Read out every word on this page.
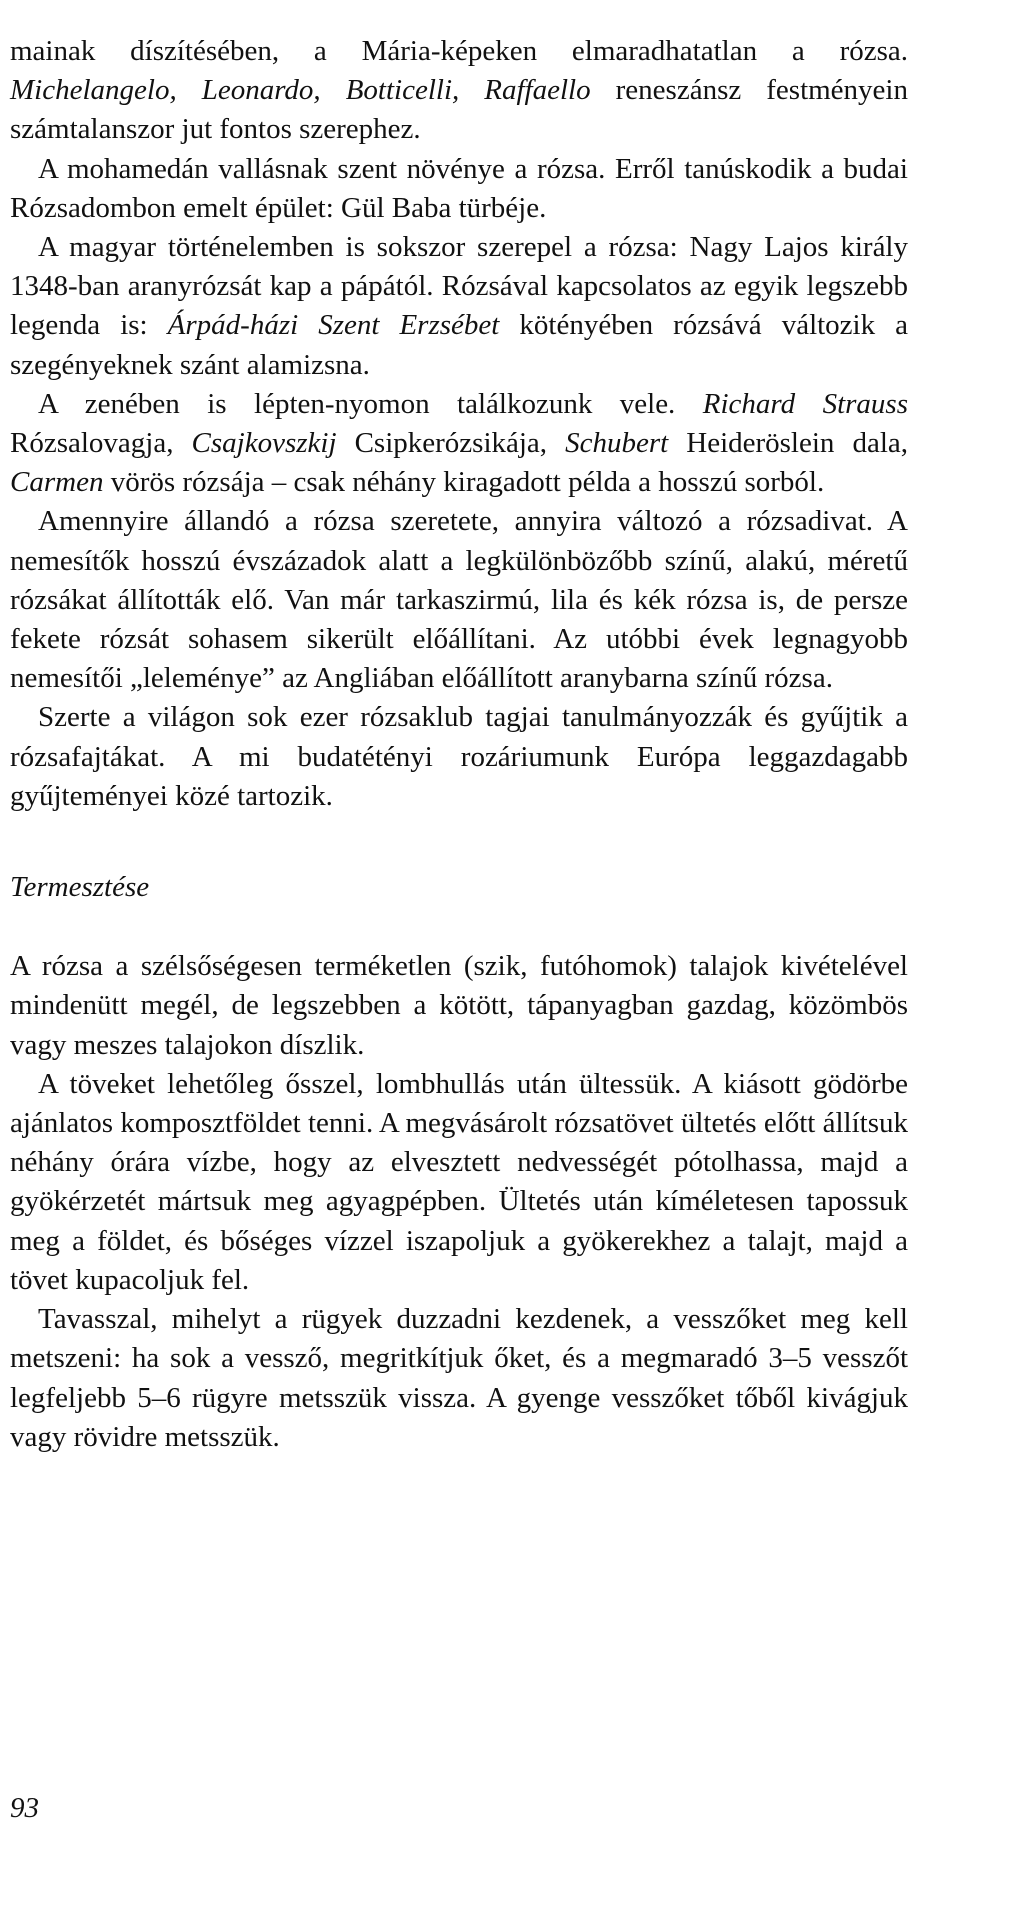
mainak díszítésében, a Mária-képeken elmaradhatatlan a rózsa. Michelangelo, Leonardo, Botticelli, Raffaello reneszánsz festményein számtalanszor jut fontos szerephez.

A mohamedán vallásnak szent növénye a rózsa. Erről tanúskodik a budai Rózsadombon emelt épület: Gül Baba türbéje.

A magyar történelemben is sokszor szerepel a rózsa: Nagy Lajos király 1348-ban aranyrózsát kap a pápától. Rózsával kapcsolatos az egyik legszebb legenda is: Árpád-házi Szent Erzsébet kötényében rózsává változik a szegényeknek szánt alamizsna.

A zenében is lépten-nyomon találkozunk vele. Richard Strauss Rózsalovagja, Csajkovszkij Csipkerózsikája, Schubert Heideröslein dala, Carmen vörös rózsája – csak néhány kiragadott példa a hosszú sorból.

Amennyire állandó a rózsa szeretete, annyira változó a rózsadivat. A nemesítők hosszú évszázadok alatt a legkülönbözőbb színű, alakú, méretű rózsákat állították elő. Van már tarkaszirmú, lila és kék rózsa is, de persze fekete rózsát sohasem sikerült előállítani. Az utóbbi évek legnagyobb nemesítői „leleménye” az Angliában előállított aranybarna színű rózsa.

Szerte a világon sok ezer rózsaklub tagjai tanulmányozzák és gyűjtik a rózsafajtákat. A mi budatétényi rozáriumunk Európa leggazdagabb gyűjteményei közé tartozik.

Termesztése

A rózsa a szélsőségesen terméketlen (szik, futóhomok) talajok kivételével mindenütt megél, de legszebben a kötött, tápanyagban gazdag, közömbös vagy meszes talajokon díszlik.

A töveket lehetőleg ősszel, lombhullás után ültessük. A kiásott gödörbe ajánlatos komposztföldet tenni. A megvásárolt rózsatövet ültetés előtt állítsuk néhány órára vízbe, hogy az elvesztett nedvességét pótolhassa, majd a gyökérzetét mártsuk meg agyagpépben. Ültetés után kíméletesen tapossuk meg a földet, és bőséges vízzel iszapoljuk a gyökerekhez a talajt, majd a tövet kupacoljuk fel.

Tavasszal, mihelyt a rügyek duzzadni kezdenek, a vesszőket meg kell metszeni: ha sok a vessző, megritkítjuk őket, és a megmaradó 3–5 vesszőt legfeljebb 5–6 rügyre metsszük vissza. A gyenge vesszőket tőből kivágjuk vagy rövidre metsszük.

93
